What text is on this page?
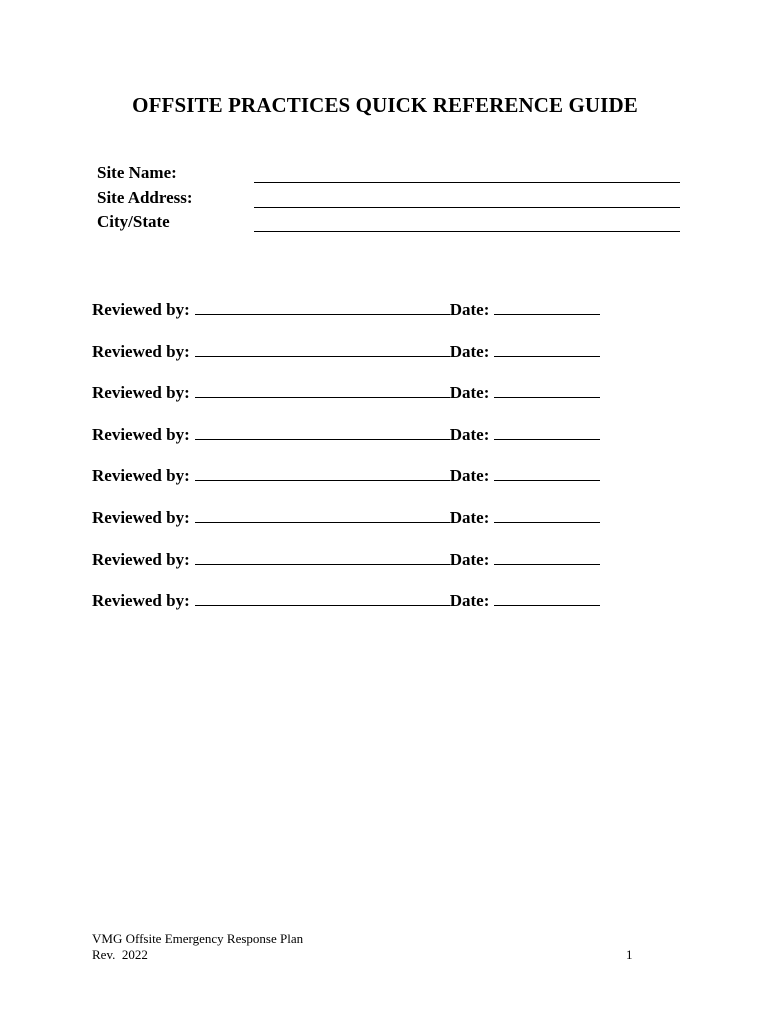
OFFSITE PRACTICES QUICK REFERENCE GUIDE
Site Name:
Site Address:
City/State
Reviewed by:	Date:
Reviewed by:	Date:
Reviewed by:	Date:
Reviewed by:	Date:
Reviewed by:	Date:
Reviewed by:	Date:
Reviewed by:	Date:
Reviewed by:	Date:
VMG Offsite Emergency Response Plan
Rev.  2022	1
